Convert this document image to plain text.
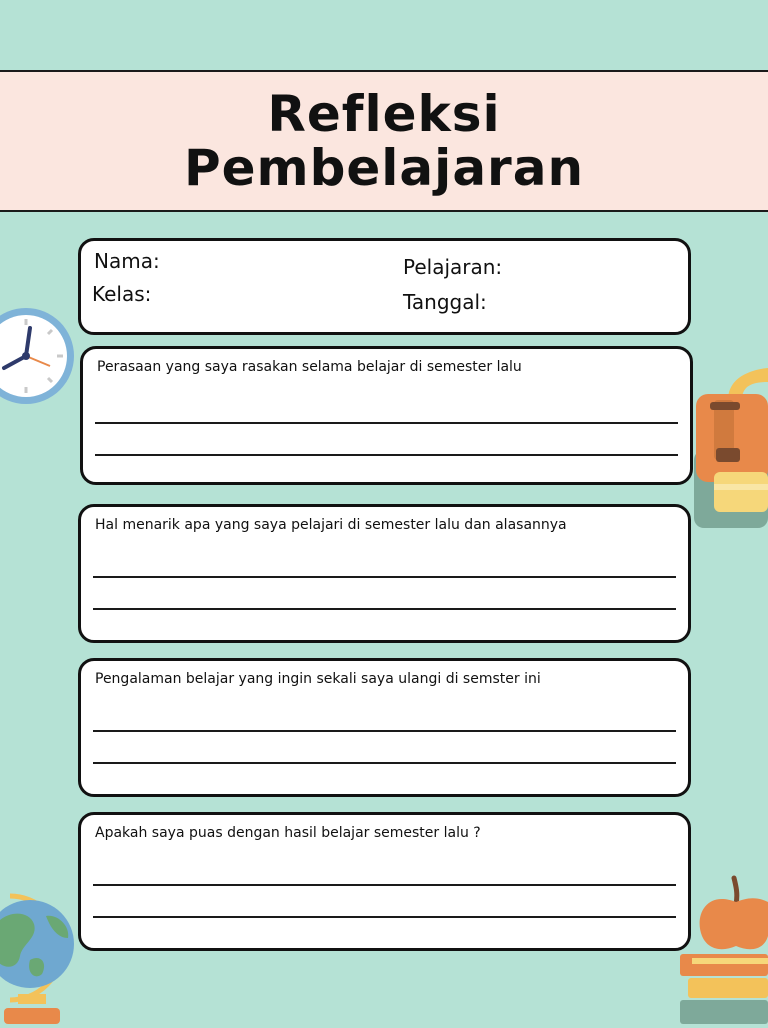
Refleksi
Pembelajaran
Nama:
Kelas:
Pelajaran:
Tanggal:
Perasaan yang saya rasakan selama belajar di semester lalu
Hal menarik apa yang saya pelajari di semester lalu dan alasannya
Pengalaman belajar yang ingin sekali saya ulangi di semster ini
Apakah saya puas dengan hasil belajar semester lalu ?
